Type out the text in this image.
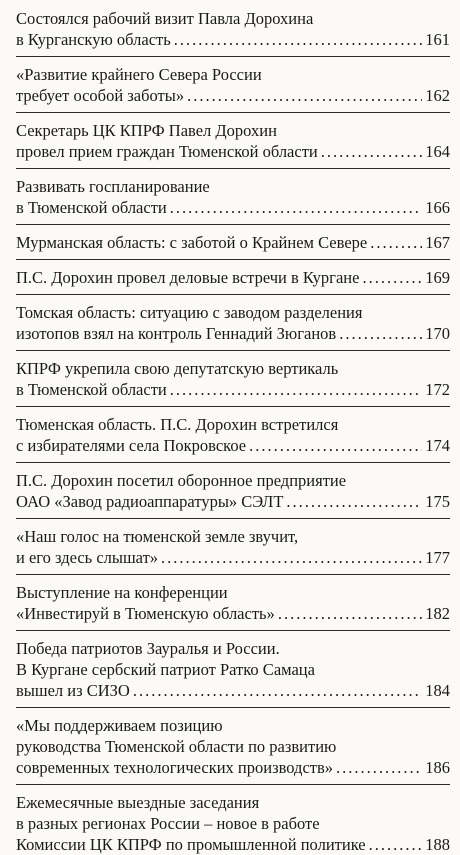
Состоялся рабочий визит Павла Дорохина
в Курганскую область .....	161
«Развитие крайнего Севера России
требует особой заботы» .....	162
Секретарь ЦК КПРФ Павел Дорохин
провел прием граждан Тюменской области .....	164
Развивать госпланирование
в Тюменской области .....	166
Мурманская область: с заботой о Крайнем Севере .....	167
П.С. Дорохин провел деловые встречи в Кургане .....	169
Томская область: ситуацию с заводом разделения
изотопов взял на контроль Геннадий Зюганов .....	170
КПРФ укрепила свою депутатскую вертикаль
в Тюменской области .....	172
Тюменская область. П.С. Дорохин встретился
с избирателями села Покровское .....	174
П.С. Дорохин посетил оборонное предприятие
ОАО «Завод радиоаппаратуры» СЭЛТ .....	175
«Наш голос на тюменской земле звучит,
и его здесь слышат» .....	177
Выступление на конференции
«Инвестируй в Тюменскую область» .....	182
Победа патриотов Зауралья и России.
В Кургане сербский патриот Ратко Самаца
вышел из СИЗО .....	184
«Мы поддерживаем позицию
руководства Тюменской области по развитию
современных технологических производств» .....	186
Ежемесячные выездные заседания
в разных регионах России – новое в работе
Комиссии ЦК КПРФ по промышленной политике .....	188
